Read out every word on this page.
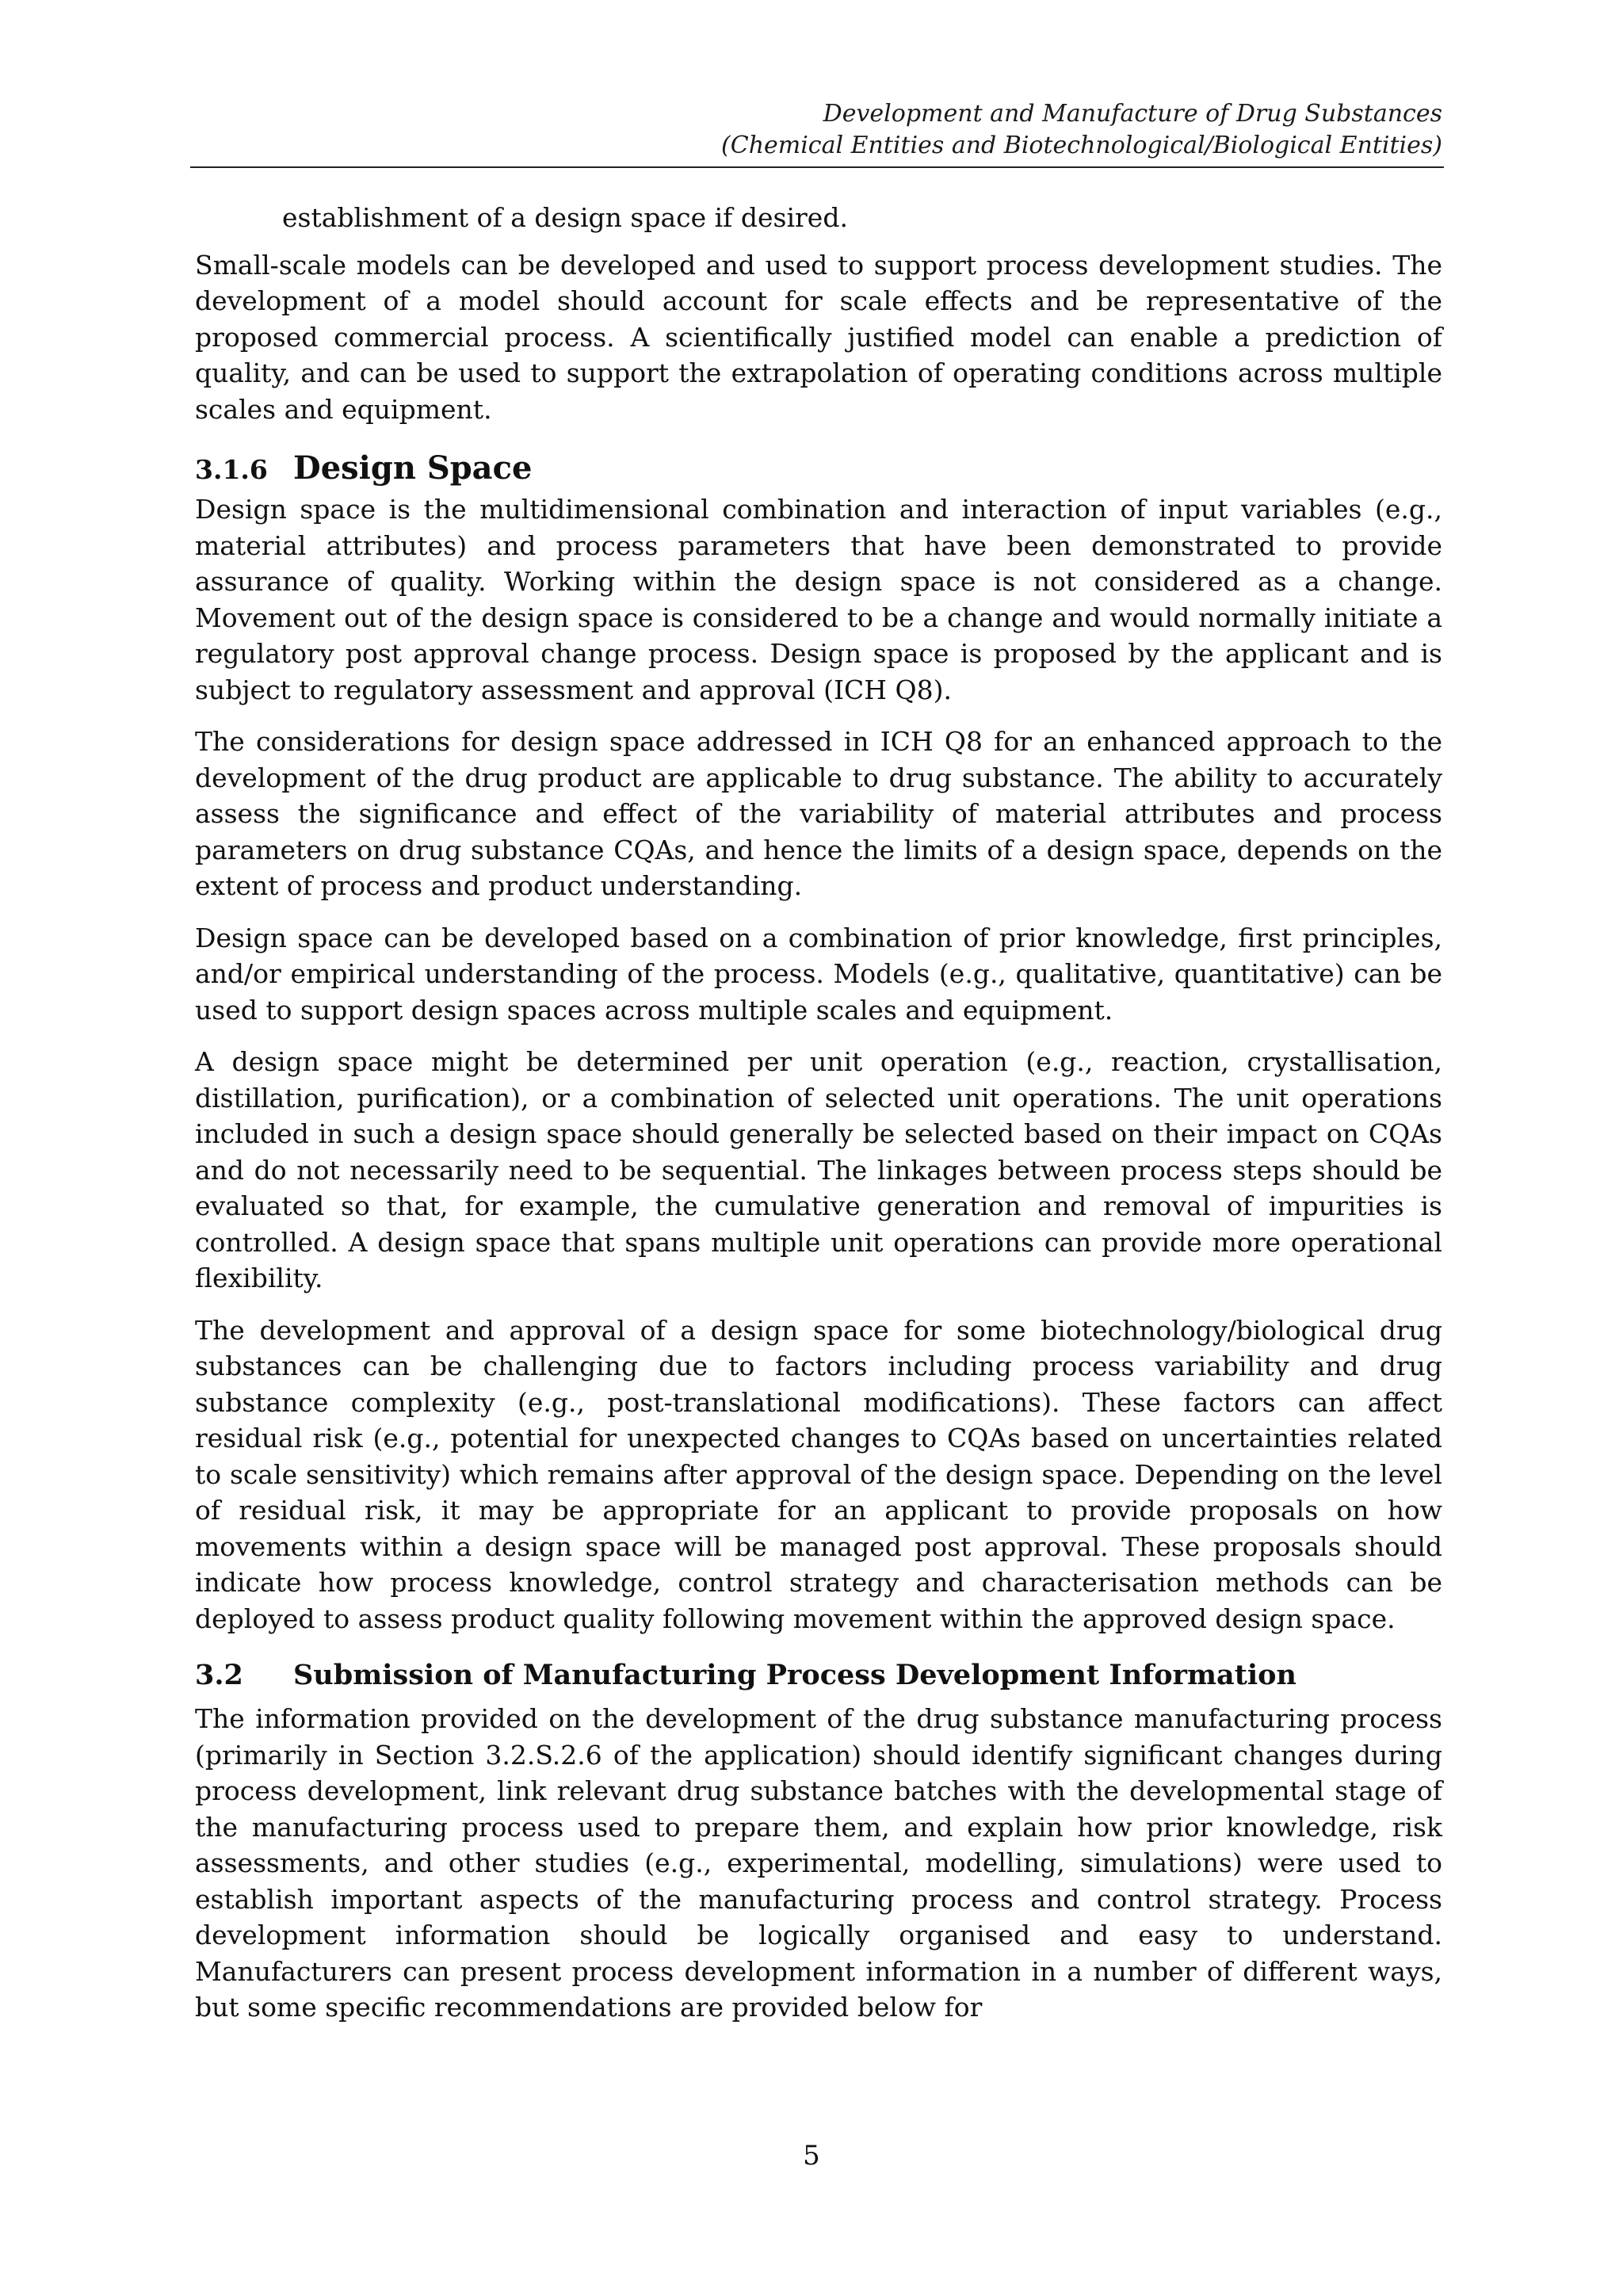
Development and Manufacture of Drug Substances
(Chemical Entities and Biotechnological/Biological Entities)

establishment of a design space if desired.

Small-scale models can be developed and used to support process development studies. The development of a model should account for scale effects and be representative of the proposed commercial process. A scientifically justified model can enable a prediction of quality, and can be used to support the extrapolation of operating conditions across multiple scales and equipment.

3.1.6 Design Space

Design space is the multidimensional combination and interaction of input variables (e.g., material attributes) and process parameters that have been demonstrated to provide assurance of quality. Working within the design space is not considered as a change. Movement out of the design space is considered to be a change and would normally initiate a regulatory post approval change process. Design space is proposed by the applicant and is subject to regulatory assessment and approval (ICH Q8).

The considerations for design space addressed in ICH Q8 for an enhanced approach to the development of the drug product are applicable to drug substance. The ability to accurately assess the significance and effect of the variability of material attributes and process parameters on drug substance CQAs, and hence the limits of a design space, depends on the extent of process and product understanding.

Design space can be developed based on a combination of prior knowledge, first principles, and/or empirical understanding of the process. Models (e.g., qualitative, quantitative) can be used to support design spaces across multiple scales and equipment.

A design space might be determined per unit operation (e.g., reaction, crystallisation, distillation, purification), or a combination of selected unit operations. The unit operations included in such a design space should generally be selected based on their impact on CQAs and do not necessarily need to be sequential. The linkages between process steps should be evaluated so that, for example, the cumulative generation and removal of impurities is controlled. A design space that spans multiple unit operations can provide more operational flexibility.

The development and approval of a design space for some biotechnology/biological drug substances can be challenging due to factors including process variability and drug substance complexity (e.g., post-translational modifications). These factors can affect residual risk (e.g., potential for unexpected changes to CQAs based on uncertainties related to scale sensitivity) which remains after approval of the design space. Depending on the level of residual risk, it may be appropriate for an applicant to provide proposals on how movements within a design space will be managed post approval. These proposals should indicate how process knowledge, control strategy and characterisation methods can be deployed to assess product quality following movement within the approved design space.

3.2	Submission of Manufacturing Process Development Information

The information provided on the development of the drug substance manufacturing process (primarily in Section 3.2.S.2.6 of the application) should identify significant changes during process development, link relevant drug substance batches with the developmental stage of the manufacturing process used to prepare them, and explain how prior knowledge, risk assessments, and other studies (e.g., experimental, modelling, simulations) were used to establish important aspects of the manufacturing process and control strategy. Process development information should be logically organised and easy to understand. Manufacturers can present process development information in a number of different ways, but some specific recommendations are provided below for

5
